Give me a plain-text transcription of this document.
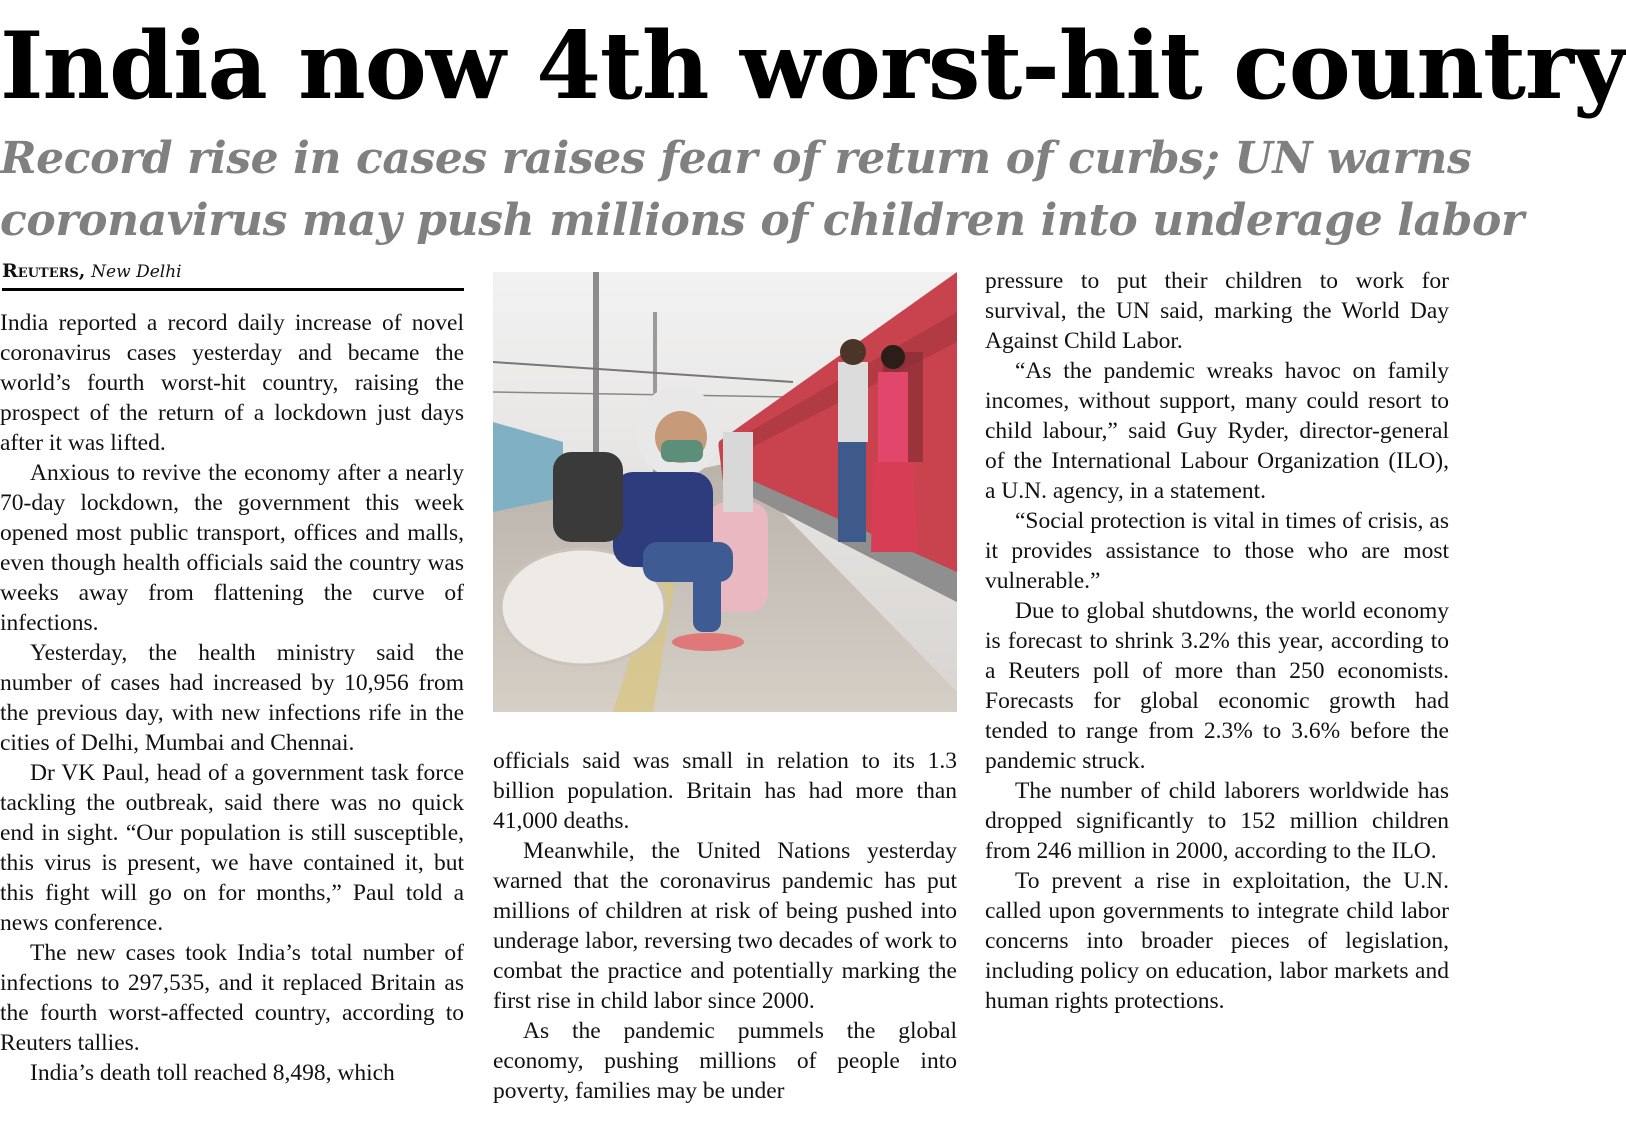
India now 4th worst-hit country
Record rise in cases raises fear of return of curbs; UN warns
coronavirus may push millions of children into underage labor
Reuters, New Delhi

India reported a record daily increase of novel coronavirus cases yesterday and became the world’s fourth worst-hit country, raising the prospect of the return of a lockdown just days after it was lifted.

Anxious to revive the economy after a nearly 70-day lockdown, the government this week opened most public transport, offices and malls, even though health officials said the country was weeks away from flattening the curve of infections.

Yesterday, the health ministry said the number of cases had increased by 10,956 from the previous day, with new infections rife in the cities of Delhi, Mumbai and Chennai.

Dr VK Paul, head of a government task force tackling the outbreak, said there was no quick end in sight. “Our population is still susceptible, this virus is present, we have contained it, but this fight will go on for months,” Paul told a news conference.

The new cases took India’s total number of infections to 297,535, and it replaced Britain as the fourth worst-affected country, according to Reuters tallies.

India’s death toll reached 8,498, which

officials said was small in relation to its 1.3 billion population. Britain has had more than 41,000 deaths.

Meanwhile, the United Nations yesterday warned that the coronavirus pandemic has put millions of children at risk of being pushed into underage labor, reversing two decades of work to combat the practice and potentially marking the first rise in child labor since 2000.

As the pandemic pummels the global economy, pushing millions of people into poverty, families may be under

pressure to put their children to work for survival, the UN said, marking the World Day Against Child Labor.

“As the pandemic wreaks havoc on family incomes, without support, many could resort to child labour,” said Guy Ryder, director-general of the International Labour Organization (ILO), a U.N. agency, in a statement.

“Social protection is vital in times of crisis, as it provides assistance to those who are most vulnerable.”

Due to global shutdowns, the world economy is forecast to shrink 3.2% this year, according to a Reuters poll of more than 250 economists. Forecasts for global economic growth had tended to range from 2.3% to 3.6% before the pandemic struck.

The number of child laborers worldwide has dropped significantly to 152 million children from 246 million in 2000, according to the ILO.

To prevent a rise in exploitation, the U.N. called upon governments to integrate child labor concerns into broader pieces of legislation, including policy on education, labor markets and human rights protections.
